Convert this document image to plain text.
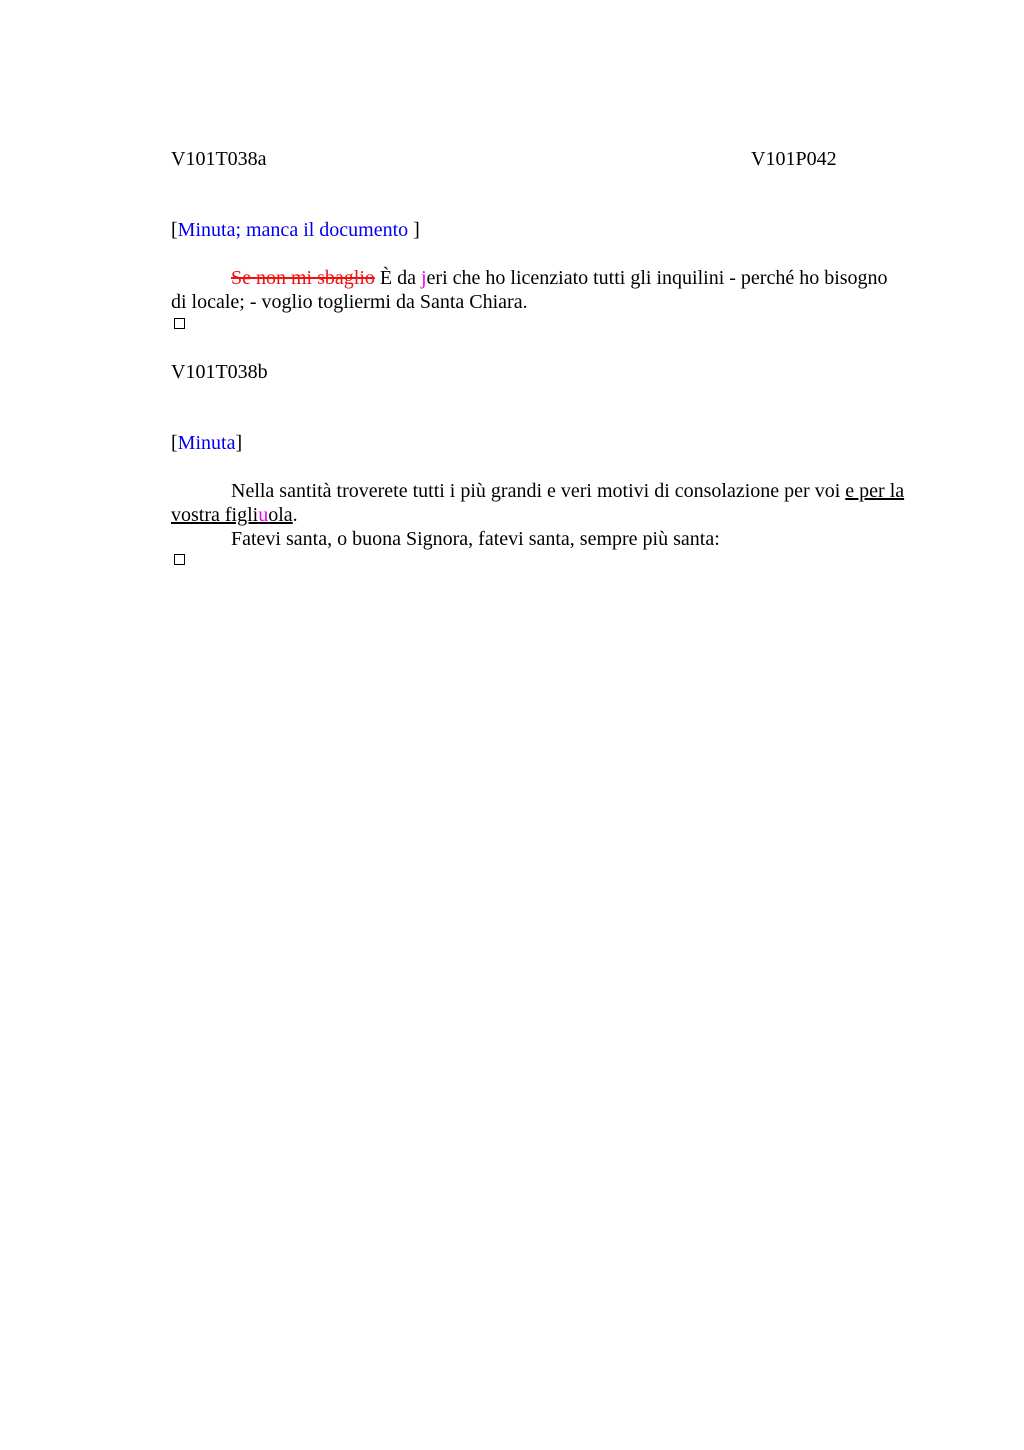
V101T038a	V101P042
[Minuta; manca il documento ]
Se non mi sbaglio È da jeri che ho licenziato tutti gli inquilini - perché ho bisogno
di locale; - voglio togliermi da Santa Chiara.
V101T038b
[Minuta]
Nella santità troverete tutti i più grandi e veri motivi di consolazione per voi e per la
vostra figliuola.
Fatevi santa, o buona Signora, fatevi santa, sempre più santa:
